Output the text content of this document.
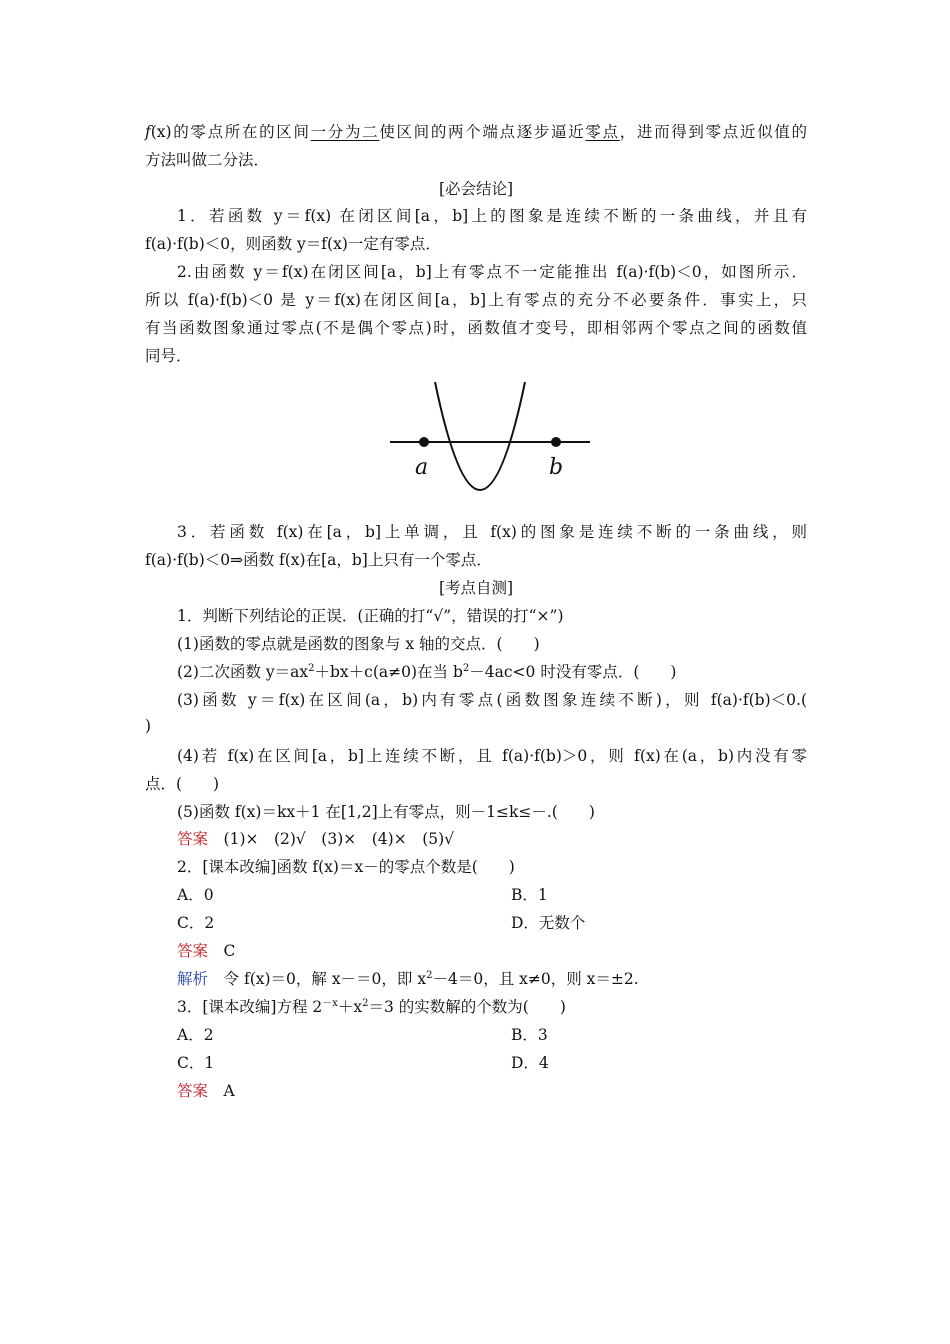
f(x)的零点所在的区间一分为二使区间的两个端点逐步逼近零点，进而得到零点近似值的
方法叫做二分法．
[必会结论]
1．若函数 y＝f(x) 在闭区间[a，b]上的图象是连续不断的一条曲线，并且有
f(a)·f(b)＜0，则函数 y＝f(x)一定有零点．
2.由函数 y＝f(x)在闭区间[a，b]上有零点不一定能推出 f(a)·f(b)＜0，如图所示．
所以 f(a)·f(b)＜0 是 y＝f(x)在闭区间[a，b]上有零点的充分不必要条件．事实上，只
有当函数图象通过零点(不是偶个零点)时，函数值才变号，即相邻两个零点之间的函数值
同号．
a	b
3．若函数 f(x)在[a，b]上单调，且 f(x)的图象是连续不断的一条曲线，则
f(a)·f(b)＜0⇒函数 f(x)在[a，b]上只有一个零点．
[考点自测]
1．判断下列结论的正误．(正确的打“√”，错误的打“×”)
(1)函数的零点就是函数的图象与 x 轴的交点．(　　)
(2)二次函数 $y=ax^2+bx+c(a\ne 0)$在当 $b^2-4ac<0$ 时没有零点．(　　)
(3)函数 y＝f(x)在区间(a，b)内有零点(函数图象连续不断)，则 f(a)·f(b)＜0.(
)
(4)若 f(x)在区间[a，b]上连续不断，且 f(a)·f(b)＞0，则 f(x)在(a，b)内没有零
点．(　　)
(5)函数 f(x)＝kx＋1 在[1,2]上有零点，则－1≤k≤－.(　　)
答案　 (1)×　(2)√　(3)×　(4)×　(5)√
2．[课本改编]函数 f(x)＝x－的零点个数是(　　)
A．0	B．1
C．2	D．无数个
答案　 C
解析　 令 f(x)＝0，解 x－＝0，即 $x^2-4=0$，且 x≠0，则 x＝±2.
3．[课本改编]方程 $2^{-x}+x^2=3$ 的实数解的个数为(　　)
A．2	B．3
C．1	D．4
答案　 A
